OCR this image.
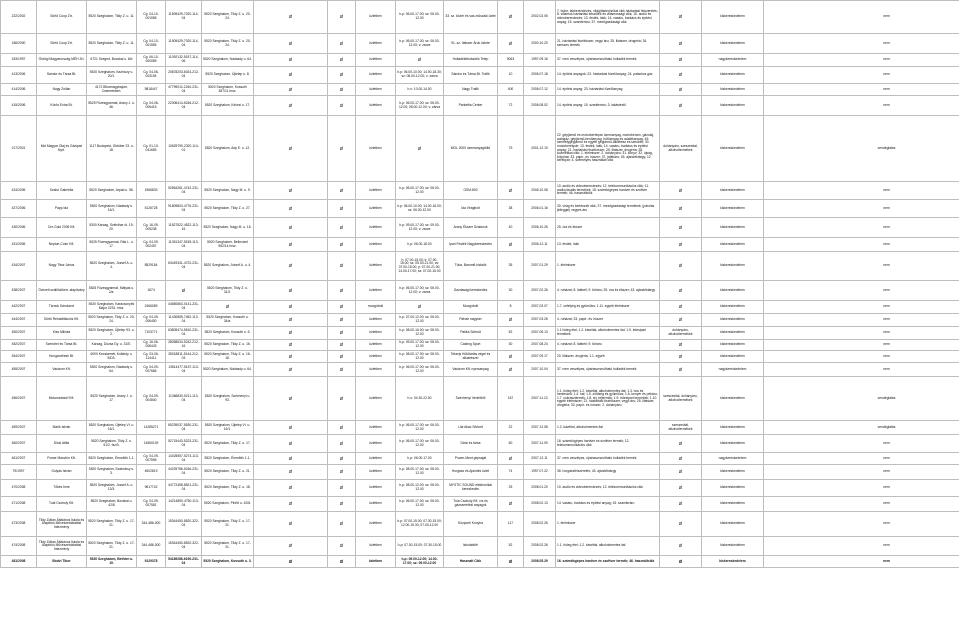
222/2002	Sörtő Coop Zrt.	5520 Szeghalom, Tildy Z. u. 11.	Cg. 04-10-001555	11509429-7020-114-04	5520 Szeghalom, Tildy Z. u. 20-24.	Ø	Ø	üzletben	h-p: 06.00-17.00; sz: 06.00-12.00	33. sz. közér és vas-műszaki üzlet	Ø	2002.02.05	7. bútor, lakberendezés, világítástechnikai cikk háztartási felszerelés; 8. villamos háztartási készülék és villamossági cikk; 15. audió és videoberendezés; 13. festék, lakk; 14. vasáru, barkács és építési anyag; 15. szaniteráru; 37. mezőgazdasági cikk	Ø	kiskereskedelem	nem
156/2000	Sörtő Coop Zrt.	5520 Szeghalom, Tildy Z. u. 11.	Cg. 04-10-001555	11509429-7020-114-04	5520 Szeghalom, Tildy Z. u. 20-24.	Ø	Ø	üzletben	h-p: 06.00-17.00; sz: 06.00-12.00; v: zárva	91. sz. Italszer Árok üzlete	Ø	2000.10.20	21. háztartási tisztítószer, vegyi áru; 25. illatszer, drogéria; 34. szeszes termék	Ø	kiskereskedelem	nem
153/1997	Ördögi Magyarország MÉH Zrt.	6721 Szeged, Bocskai u. 6/b	Cg. 06-10-000089	11092132-5157-114-06	5520 Szeghalom, Nádasdy u. 64.	Ø	Ø	üzletben	Ø	Hulladékfelvásárló Telep	5063	1997.09.16	37. nem veszélyes, újrahasznosítható hulladék termék	Ø	nagykereskedelem	nem
413/2006	Sándor és Társa Bt.	5520 Szeghalom, Kazinczy u. 20/1.	Cg. 04-06-003194	20878203-6024-212-04	5520 Szeghalom, Újtelep u. 8.	Ø	Ø	üzletben	h-p: 06.00-10.00; 14.00-18.30; sz: 06.00-12.00; v: zárva	Sándor és Társa Bt. Trafik	10	2006.07.18	14. építési anyagok; 23. háztartási tüzelőanyag; 24. palackos gáz	Ø	kiskereskedelem	nem
414/2006	Nagy Zoltán	4172 Biharnagybajom, Csemetekert.	9818447	47799012-2240-231-04	5520 Szeghalom, Kossuth 387/11 hrsz.	Ø	Ø	üzletben	h-v: 10.00-14.00	Nagy Trafik	400	2006.07.12	14. építési anyag; 23. háztartási tüzelőanyag	Ø	kiskereskedelem	nem
415/2006	Körös Extra Bt.	5525 Füzesgyarmat, Arany J. u. 46.	Cg. 04-06-006415	22306414-5246-212-04	5520 Szeghalom, Kinizsi u. 17.	Ø	Ø	üzletben	h-p: 06.00-17.00; sz: 06.00-12.00; 08.00-12.00; v: zárva	Parkettia Center	72	2006.08.02	14. építési anyag; 15. szaniteráru; 3. lakástextil	Ø	kiskereskedelem	nem
217/2001	Mol Magyar Olaj és Gázipari Nyrt.	1117 Budapest, Október 23. u. 18.	Cg. 01-10-041683	10625790-2320-114-01	5520 Szeghalom, Ady E. u. 12.	Ø	Ø	üzletben	Ø	MOL 2000 üzemanyagtöltő	79	2001.12.10	22. gépjármű és motorkerékpár üzemanyag, motorbenzin, gázolaj, autógáz, gépjármű-kenőanyag, hűtőanyag és adalékanyag; 49. személygépjármű és egyéb gépjármű-alkatrész és tartozék; 30. motorkerékpár; 13. festék, lakk; 14. vasáru, barkács és építési anyag; 21. háztartási tisztítószer; 25. illatszer, drogéria; 28. kozmetikai cikk; 1. élelmiszer; 2. dohányáru; 31. könyv; 32. újság, folyóirat; 33. papír- és írószer; 37. játékáru; 45. ajándéktárgy; 12. kerékpár; 4. személyes használati cikk	dohányáru, szeszesital, alkoholtermékek	kiskereskedelem	vendéglátás
424/2006	Szabó Gabriella	5520 Szeghalom, Arpád u. 56.	1966833	92564261-4742-231-04	5520 Szeghalom, Nagy M. u. 9.	Ø	Ø	üzletben	h-p: 06.00-17.00; sz: 06.00-12.00	GSM-800	Ø	2006.10.08	10. audió és videoberendezés; 12. telekommunikációs cikk; 11. audiovizuális termékek; 18. számítógépes hardver és szoftver termék; 46. használtcikk	Ø	kiskereskedelem	nem
427/2006	Papp Ida	5520 Szeghalom, Nádasdy u. 16/1.	5126728	91809803-4776-231-04	5520 Szeghalom, Tildy Z. u. 27.	Ø	Ø	üzletben	h-p: 06.00-10.00; 14.00-16.00; sz: 06.00-12.00	Ida Virágbolt	38	2006.01.16	30. virág és kertészeti cikk; 37. mezőgazdasági termékek; (párolás jelleggel) vegyes áru	Ø	kiskereskedelem	nem
430/2006	Cer-Gold 2006 Kft.	5300 Karcag, Szélvihar út. 19-20.	Cg. 16-09-009238	11827522-4522-113-16	5520 Szeghalom, Nagy M. u. 16.	Ø	Ø	üzletben	h-p: 09.00-17.00; sz: 09.00-12.00; v: zárva	Arany Ékszer Szalonok	40	2006.10.26	25. óra és ékszer	Ø	kiskereskedelem	nem
431/2006	Neptun-Color Kft.	5525 Füzesgyarmat, Rák L. u. 17.	Cg. 04-09-002457	11051347-5159-113-04	5520 Szeghalom, Bellevizet 962/14 hrsz.	Ø	Ø	üzletben	h-p: 06.00-18.00	Ipari Festék Nagykereskedés	Ø	2006.12.11	13. festék, lakk	Ø	kiskereskedelem	nem
434/2007	Nagy Tibor János	5520 Szeghalom, József A. u. 4.	8529184	63449341-4722-231-04	5520 Szeghalom, József A. u. 4.	Ø	Ø	üzletben	h: 07.00-15.00; k: 07.00-15.00; sz: 05.00-21.00; cs: 07.00-15.00; p: 07.00-21.00; 14.00-17.00; sz: 07.00-15.00	Tóka, Baromfi-hizlalói	35	2007.01.29	1. élelmiszer	Ø	kiskereskedelem	nem
438/2007	Övezeti szállítói/kert. alapítvány	5525 Füzesgyarmat, Mátyás u. 2/a.	1674	Ø	5520 Szeghalom, Tildy Z. u. 31/2.	Ø	Ø	üzletben	h-p: 06.00-17.00; sz: 06.00-12.00; v: zárva	Gazdasági kereskedés	30	2007.02.26	4. ruházat; 8. lábbeli; 9. bőráru; 25. óra és ékszer; 43. ajándéktárgy	Ø	kiskereskedelem	nem
442/2007	Tárnok Sándorné	5520 Szeghalom, Karacsonyék Major 0231. hrsz.	2466089	44650863-0141-231-04	Ø	Ø	Ø	mozgóbolt	Ø	Mozgóbolt	8	2007.03.07	1.7. cefelyég és gyümölcs; 1.11. egyéb élelmiszer	Ø	kiskereskedelem	nem
444/2007	Sörtő Rehabilitációs Kft.	5520 Szeghalom, Tildy Z. u. 20-24.	Cg. 04-09-006450	11430859-7452-113-04	5520 Szeghalom, Kossuth u. 34/a.	Ø	Ø	üzletben	h-p: 07.00-12.00; sz: 06.00-12.00	Rehab nagyker	Ø	2007.03.26	4. ruházat; 33. papír- és írószer	Ø	kiskereskedelem	nem
450/2007	Kiss Milinka	5520 Szeghalom, Újtelep 93. u. 2.	7103771	63805474-5610-231-04	5520 Szeghalom, Kossuth u. 5.	Ø	Ø	üzletben	h-p: 08.00-16.00; sz: 08.00-12.00	Patika Sörbolt	52	2007.06.13	1.1 hideg étel; 1.2. kávéital, alkoholmentes ital; 1.9. édesipari termékek	dohányáru, alkoholtermékek	kiskereskedelem	nem
452/2007	Szendrei és Társa Bt.	Karcag, Dózsa Gy. u. 31/E.	Cg. 16-06-008443	28058634-5242-212-16	5520 Szeghalom, Tildy Z. u. 16.	Ø	Ø	üzletben	h-p: 09.00-17.00; sz: 08.00-12.00	Casting Sport	30	2007.08.24	4. ruházat; 8. lábbeli; 9. bőráru	Ø	kiskereskedelem	nem
454/2007	Hungarofresh Bt.	6000 Kecskemét, Kollárdy u. 5/D3.	Cg. 03-06-114411	28018811-5144-212-03	5520 Szeghalom, Tildy Z. u. 16-18.	Ø	Ø	üzletben	h-p: 08.00-17.00; sz: 08.00-12.00	Tekerjs Hűtőtárlás végei és alkatrészei	Ø	2007.09.17	20. illatszer, drogéria; 1.1. egyéb	Ø	kiskereskedelem	nem
455/2007	Vasizom Kft.	5520 Szeghalom, Nádasdy u. 64.	Cg. 04-09-007666	13814477-5157-113-04	5520 Szeghalom, Nádasdy u. 64.	Ø	Ø	üzletben	h-p: 06.00-17.00; sz: 06.00-12.00	Vasizom Kft. nyersanyag	Ø	2007.10.04	37. nem veszélyes, újrahasznosítható hulladék termék	Ø	nagykereskedelem	nem
456/2007	Motorradstorf Kft.	5520 Szeghalom, Arany J. u. 17.	Cg. 04-09-004840	11366830-5211-113-04	5520 Szeghalom, Széchenyi u. 93.	Ø	Ø	üzletben	h-v: 04.30-22.00	Széchenyi Venlétből	167	2007.11.13	1.1. hideg étel; 1.2. kávéital, alkoholmentes ital; 1.3. hús és hentesáru; 1.4. hal; 1.5. zöldség és gyümölcs; 1.6. kenyér és pékáru; 1.7. cukrásztermék; 1.8. tej, tejtermék; 1.9. édesipari termékek; 1.10. egyéb élelmiszer; 21. háztartási tisztítószer, vegyi áru; 25. illatszer, drogéria; 33. papír- és írószer; 2. dohányáru	szeszesital, dohányáru, alkoholtermékek	kiskereskedelem	vendéglátás
459/2007	Marik István	5520 Szeghalom, Újtelep VI. u. 16/1.	14285271	65239037-5530-231-04	5520 Szeghalom, Újtelep VI. u. 16/1.	Ø	Ø	üzletben	h-p: 06.00-17.00; sz: 06.00-12.00	Lila Akác Sörbolt	22	2007.12.08	1.2. kávéital, alkoholmentes ital	szeszesital, alkoholtermékek	kiskereskedelem	vendéglátás
460/2007	Diósi Attila	5520 Szeghalom, Tildy Z. u. 51/2. fsz/3.	14650139	52715443-5223-231-04	5520 Szeghalom, Tildy Z. u. 17.	Ø	Ø	üzletben	h-p: 06.00-17.00; sz: 06.00-12.00	Diósi és társa	60	2007.11.09	18. számítógépes hardver és szoftver termék; 12. telekommunikációs cikk	Ø	kiskereskedelem	nem
461/2007	Power Maschin Kft.	5520 Szeghalom, Érmellék 1-1.	Cg. 04-09-007596	14025557-5274-113-04	5520 Szeghalom, Érmellék 1-1.	Ø	Ø	üzletben	h-p: 06.00-17.00	Power-Ment gépsaját	Ø	2007.12.11	37. nem veszélyes, újrahasznosítható hulladék termék	Ø	nagykereskedelem	nem
79/1997	Gulyás István	5520 Szeghalom, Szabolcsy u. 3.	4502819	44225786-5246-231-04	5520 Szeghalom, Tildy Z. u. 21.	Ø	Ø	üzletben	h-p: 08.00-17.00; sz: 08.00-12.00	Horgász és Ajándék üzlet	74	1997.07.22	36. horgászfelszerelés; 43. ajándéktárgy	Ø	kiskereskedelem	nem
470/2008	Tőkés Imre	5520 Szeghalom, József A. u. 13/3.	9617742	44772458-8521-231-04	5520 Szeghalom, Tildy Z. u. 18.	Ø	Ø	üzletben	h-p: 08.00-12.00; sz: 08.00-12.00	MYSTIC SOUND elektronikai kereskedés	25	2008.01.20	10. audió és videoberendezés; 12. telekommunikációs cikk	Ø	kiskereskedelem	nem
471/2008	Tula Csoboly Kft.	5520 Szeghalom, Bocskai u. 42/8	Cg. 04-09-007581	14214890-4750-113-04	5520 Szeghalom, Pinföt u. 42/8.	Ø	Ø	üzletben	h-p: 06.00-17.00; sz: 06.00-12.00	Tula Csoboly Kft. víz és gázszerelési anyagok	Ø	2008.02.13	14. vasáru, barkács és építési anyag; 15. szaniteráru	Ø	kiskereskedelem	nem
473/2008	Tildy Zoltán Általános Iskola és Alapfokú Művészetoktatási Intézmény	5520 Szeghalom, Tildy Z. u. 17-21.	344-486-000	15344450-8520-322-04	5520 Szeghalom, Tildy Z. u. 17-21.	Ø	Ø	üzletben	h-p: 07.00-15.00; 07.30-15.00; 12.00-15.30; 07.00-12.00	Központi Konyha	117	2008.02.26	1. élelmiszer	Ø	kiskereskedelem	nem
474/2008	Tildy Zoltán Általános Iskola és Alapfokú Művészetoktatási Intézmény	5520 Szeghalom, Tildy Z. u. 17-21.	344-486-000	15344450-8520-322-04	5520 Szeghalom, Tildy Z. u. 17-21.	Ø	Ø	üzletben	h-p: 07.00-15.00; 07.30-15.00	Iskolabüfé	52	2008.02.26	1.1. hideg étel; 1.2. kávéital, alkoholmentes ital	Ø	kiskereskedelem	nem
481/2008	Bódvi Tibor	5520 Szeghalom, Bethlen u. 19.	9129378	54189286-6190-231-04	5520 Szeghalom, Kossuth u. 3.	Ø	Ø	üzletben	h-p: 09.00-12.00; 14.00-17.00; sz: 09.00-12.00	Hasznalt Cikk	Ø	2008.05.29	16. számítógépes hardver és szoftver termék; 46. használtcikk	Ø	kiskereskedelem	nem
